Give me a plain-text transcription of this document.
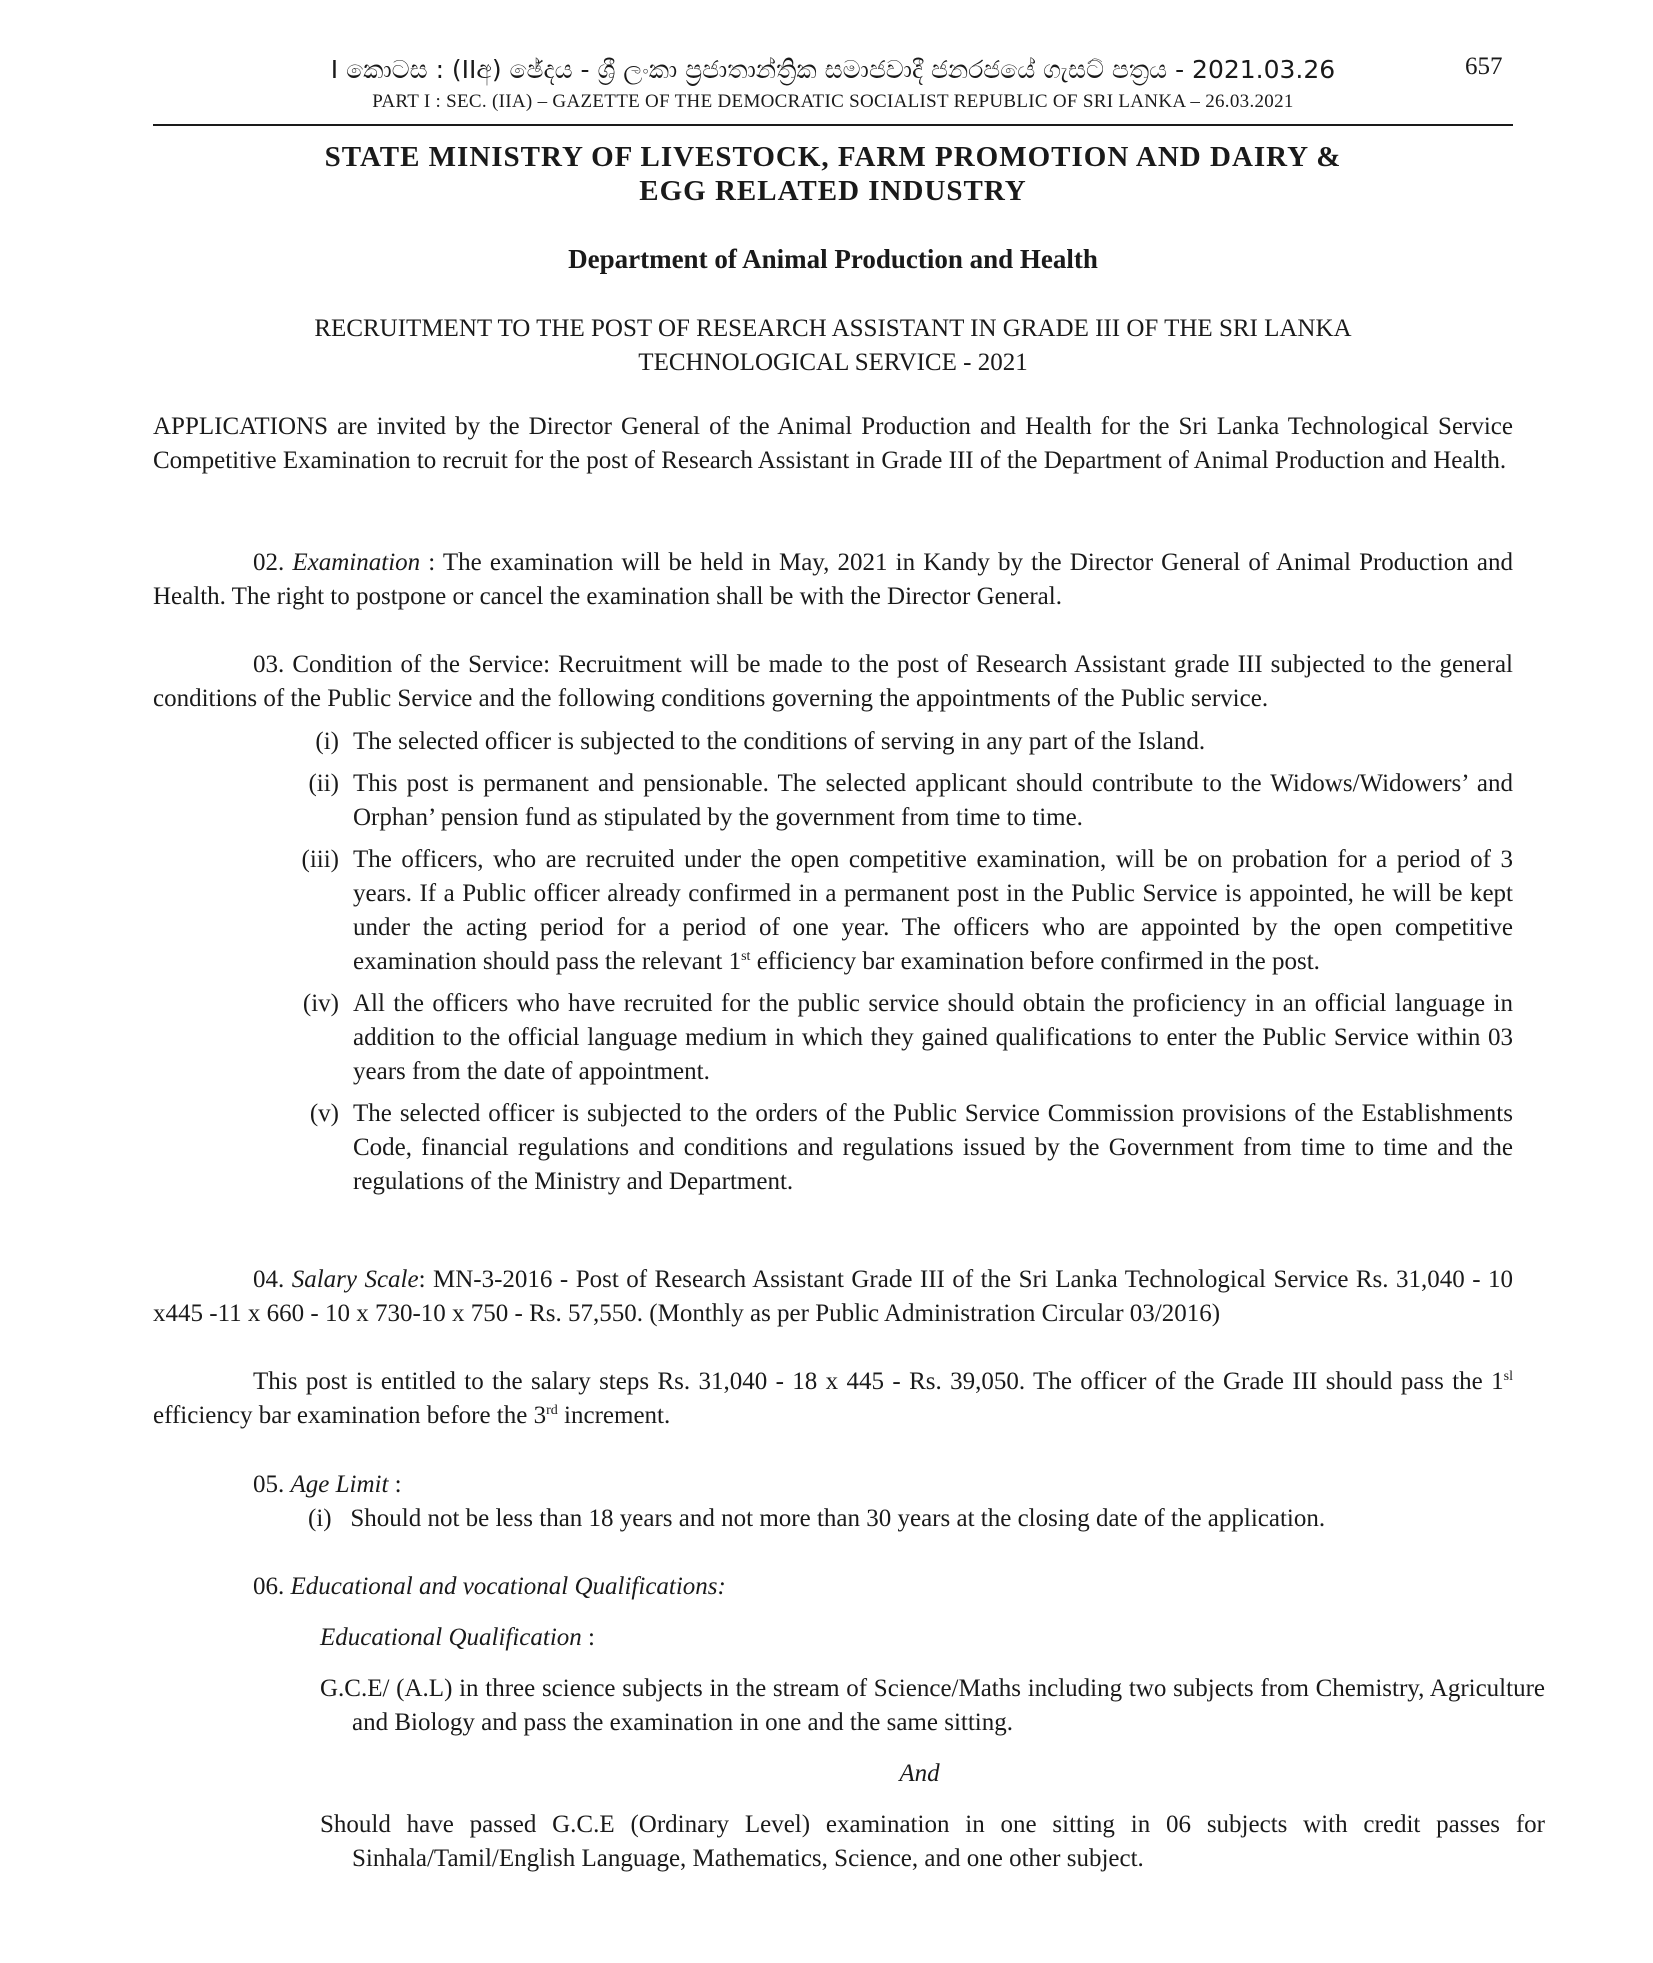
I කොටස : (IIඅ) ඡේදය - ශ්‍රී ලංකා ප්‍රජාතාන්ත්‍රික සමාජවාදී ජනරජයේ ගැසට් පත්‍රය - 2021.03.26	657
PART I : SEC. (IIA) – GAZETTE OF THE DEMOCRATIC SOCIALIST REPUBLIC OF SRI LANKA – 26.03.2021
STATE MINISTRY OF LIVESTOCK, FARM PROMOTION AND DAIRY &
EGG RELATED INDUSTRY
Department of Animal Production and Health
RECRUITMENT TO THE POST OF RESEARCH ASSISTANT IN GRADE III OF THE SRI LANKA
TECHNOLOGICAL SERVICE - 2021
APPLICATIONS are invited by the Director General of the Animal Production and Health for the Sri Lanka Technological Service Competitive Examination to recruit for the post of Research Assistant in Grade III of the Department of Animal Production and Health.
02. Examination : The examination will be held in May, 2021 in Kandy by the Director General of Animal Production and Health. The right to postpone or cancel the examination shall be with the Director General.
03. Condition of the Service: Recruitment will be made to the post of Research Assistant grade III subjected to the general conditions of the Public Service and the following conditions governing the appointments of the Public service.
(i) The selected officer is subjected to the conditions of serving in any part of the Island.
(ii) This post is permanent and pensionable. The selected applicant should contribute to the Widows/Widowers’ and Orphan’ pension fund as stipulated by the government from time to time.
(iii) The officers, who are recruited under the open competitive examination, will be on probation for a period of 3 years. If a Public officer already confirmed in a permanent post in the Public Service is appointed, he will be kept under the acting period for a period of one year. The officers who are appointed by the open competitive examination should pass the relevant 1st efficiency bar examination before confirmed in the post.
(iv) All the officers who have recruited for the public service should obtain the proficiency in an official language in addition to the official language medium in which they gained qualifications to enter the Public Service within 03 years from the date of appointment.
(v) The selected officer is subjected to the orders of the Public Service Commission provisions of the Establishments Code, financial regulations and conditions and regulations issued by the Government from time to time and the regulations of the Ministry and Department.
04. Salary Scale: MN-3-2016 - Post of Research Assistant Grade III of the Sri Lanka Technological Service Rs. 31,040 - 10 x445 -11 x 660 - 10 x 730-10 x 750 - Rs. 57,550. (Monthly as per Public Administration Circular 03/2016)
This post is entitled to the salary steps Rs. 31,040 - 18 x 445 - Rs. 39,050. The officer of the Grade III should pass the $1^{sl}$ efficiency bar examination before the 3rd increment.
05. Age Limit :
(i) Should not be less than 18 years and not more than 30 years at the closing date of the application.
06. Educational and vocational Qualifications:
Educational Qualification :
G.C.E/ (A.L) in three science subjects in the stream of Science/Maths including two subjects from Chemistry, Agriculture and Biology and pass the examination in one and the same sitting.
And
Should have passed G.C.E (Ordinary Level) examination in one sitting in 06 subjects with credit passes for Sinhala/Tamil/English Language, Mathematics, Science, and one other subject.
